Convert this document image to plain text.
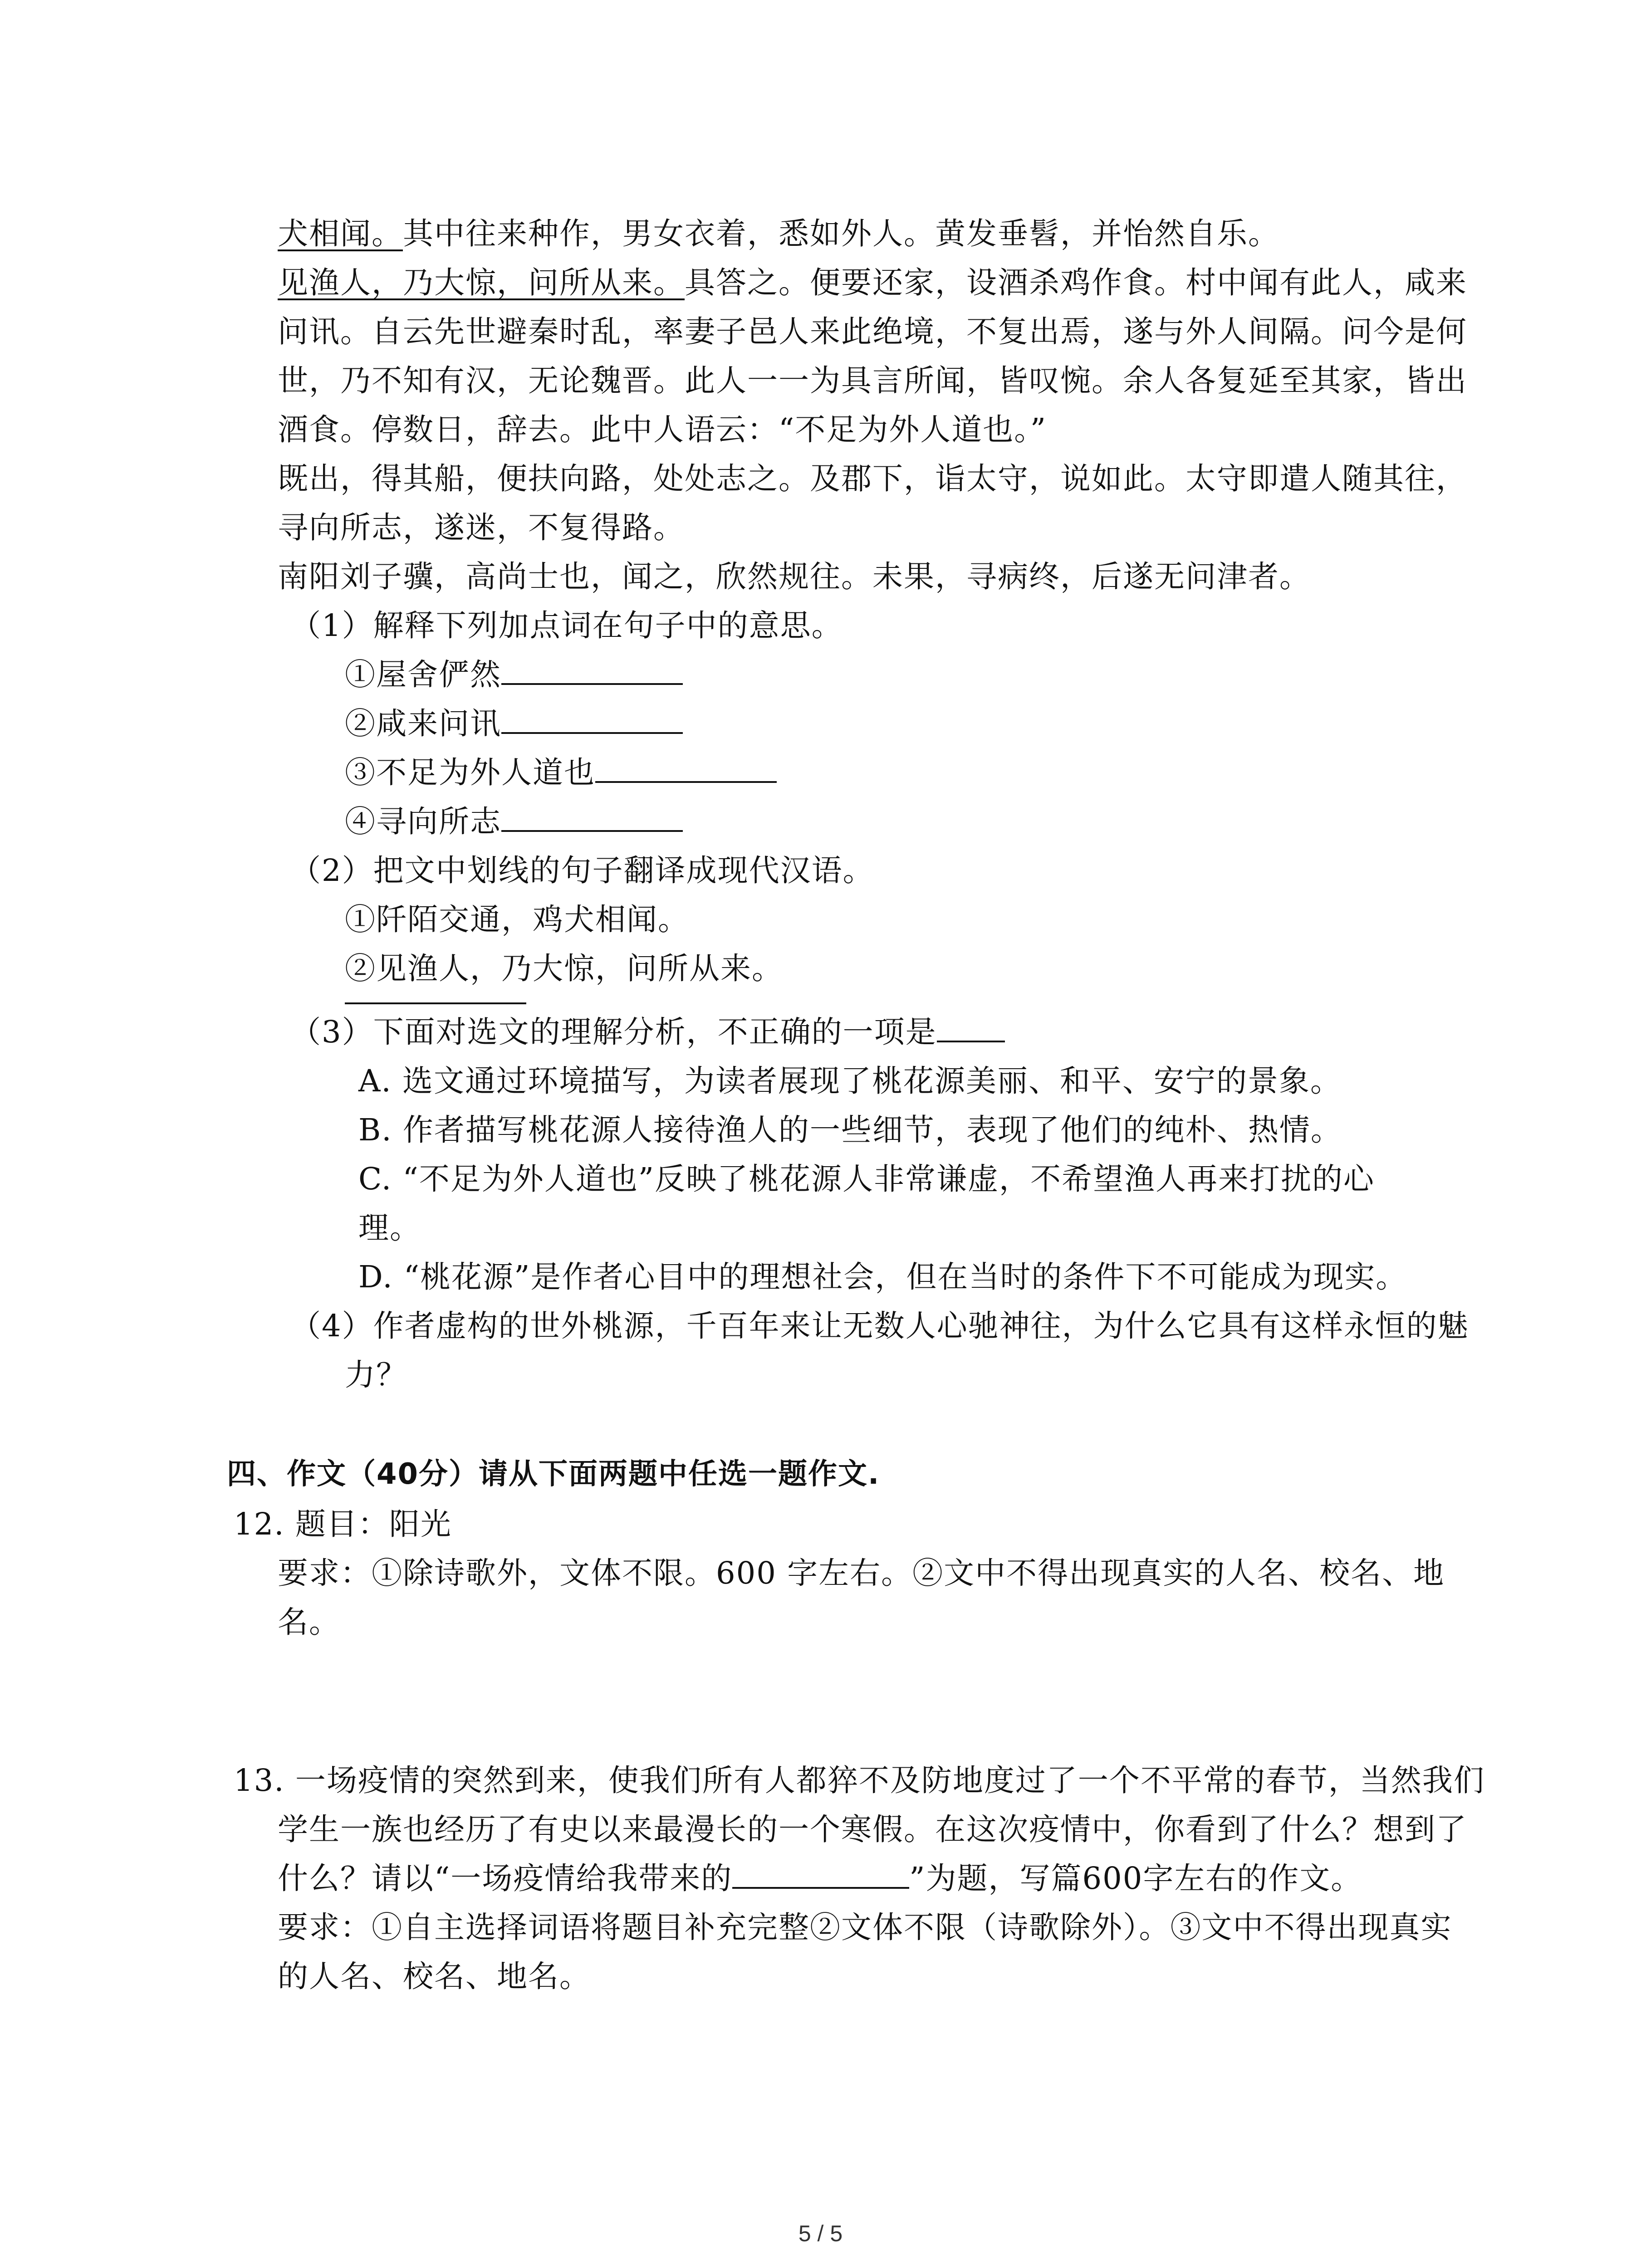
犬相闻。其中往来种作，男女衣着，悉如外人。黄发垂髫，并怡然自乐。
见渔人，乃大惊，问所从来。具答之。便要还家，设酒杀鸡作食。村中闻有此人，咸来
问讯。自云先世避秦时乱，率妻子邑人来此绝境，不复出焉，遂与外人间隔。问今是何
世，乃不知有汉，无论魏晋。此人一一为具言所闻，皆叹惋。余人各复延至其家，皆出
酒食。停数日，辞去。此中人语云：“不足为外人道也。”
既出，得其船，便扶向路，处处志之。及郡下，诣太守，说如此。太守即遣人随其往，
寻向所志，遂迷，不复得路。
南阳刘子骥，高尚士也，闻之，欣然规往。未果，寻病终，后遂无问津者。
（1）解释下列加点词在句子中的意思。
①屋舍俨然
②咸来问讯
③不足为外人道也
④寻向所志
（2）把文中划线的句子翻译成现代汉语。
①阡陌交通，鸡犬相闻。
②见渔人，乃大惊，问所从来。
（3）下面对选文的理解分析，不正确的一项是
A. 选文通过环境描写，为读者展现了桃花源美丽、和平、安宁的景象。
B. 作者描写桃花源人接待渔人的一些细节，表现了他们的纯朴、热情。
C. “不足为外人道也”反映了桃花源人非常谦虚，不希望渔人再来打扰的心
理。
D. “桃花源”是作者心目中的理想社会，但在当时的条件下不可能成为现实。
（4）作者虚构的世外桃源，千百年来让无数人心驰神往，为什么它具有这样永恒的魅
力？
四、作文（40分）请从下面两题中任选一题作文.
12. 题目：阳光
要求：①除诗歌外，文体不限。600 字左右。②文中不得出现真实的人名、校名、地
名。
13. 一场疫情的突然到来，使我们所有人都猝不及防地度过了一个不平常的春节，当然我们
学生一族也经历了有史以来最漫长的一个寒假。在这次疫情中，你看到了什么？想到了
什么？请以“一场疫情给我带来的	”为题，写篇600字左右的作文。
要求：①自主选择词语将题目补充完整②文体不限（诗歌除外）。③文中不得出现真实
的人名、校名、地名。
5 / 5
